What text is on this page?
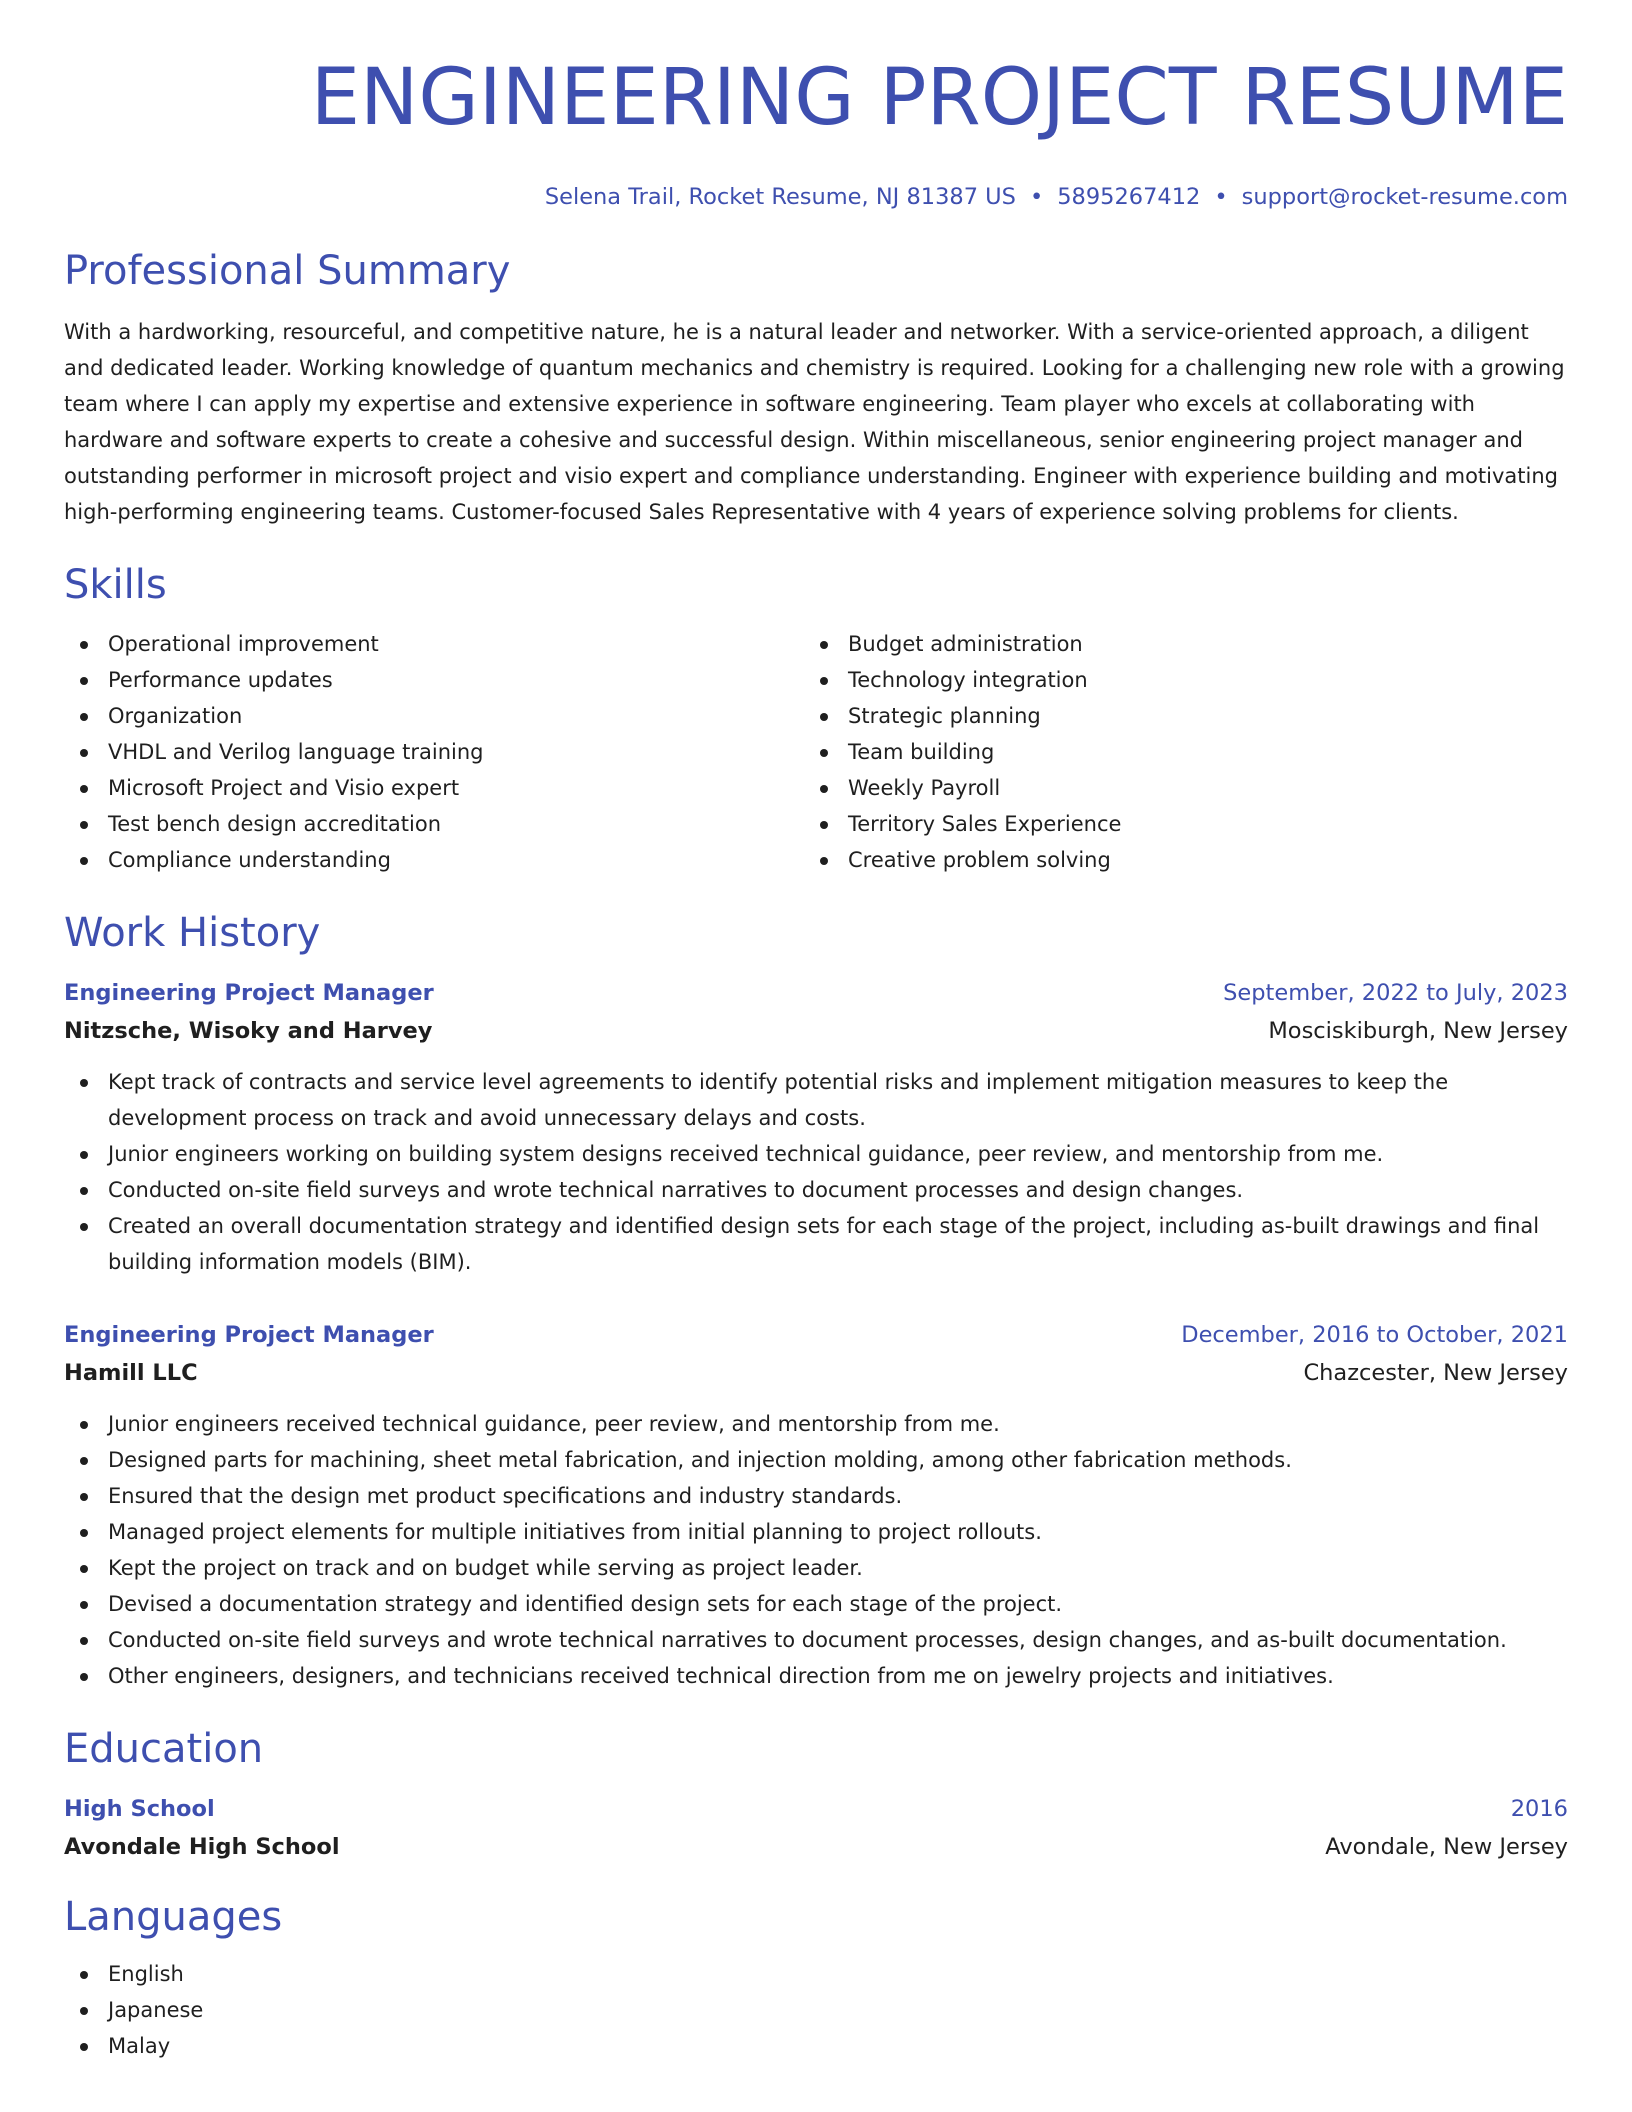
ENGINEERING PROJECT RESUME
Selena Trail, Rocket Resume, NJ 81387 US • 5895267412 • support@rocket-resume.com
Professional Summary

With a hardworking, resourceful, and competitive nature, he is a natural leader and networker. With a service-oriented approach, a diligent and dedicated leader. Working knowledge of quantum mechanics and chemistry is required. Looking for a challenging new role with a growing team where I can apply my expertise and extensive experience in software engineering. Team player who excels at collaborating with hardware and software experts to create a cohesive and successful design. Within miscellaneous, senior engineering project manager and outstanding performer in microsoft project and visio expert and compliance understanding. Engineer with experience building and motivating high-performing engineering teams. Customer-focused Sales Representative with 4 years of experience solving problems for clients.

Skills
Operational improvement
Performance updates
Organization
VHDL and Verilog language training
Microsoft Project and Visio expert
Test bench design accreditation
Compliance understanding
Budget administration
Technology integration
Strategic planning
Team building
Weekly Payroll
Territory Sales Experience
Creative problem solving
Work History
Engineering Project Manager	September, 2022 to July, 2023
Nitzsche, Wisoky and Harvey	Mosciskiburgh, New Jersey
Kept track of contracts and service level agreements to identify potential risks and implement mitigation measures to keep the development process on track and avoid unnecessary delays and costs.
Junior engineers working on building system designs received technical guidance, peer review, and mentorship from me.
Conducted on-site field surveys and wrote technical narratives to document processes and design changes.
Created an overall documentation strategy and identified design sets for each stage of the project, including as-built drawings and final building information models (BIM).
Engineering Project Manager	December, 2016 to October, 2021
Hamill LLC	Chazcester, New Jersey
Junior engineers received technical guidance, peer review, and mentorship from me.
Designed parts for machining, sheet metal fabrication, and injection molding, among other fabrication methods.
Ensured that the design met product specifications and industry standards.
Managed project elements for multiple initiatives from initial planning to project rollouts.
Kept the project on track and on budget while serving as project leader.
Devised a documentation strategy and identified design sets for each stage of the project.
Conducted on-site field surveys and wrote technical narratives to document processes, design changes, and as-built documentation.
Other engineers, designers, and technicians received technical direction from me on jewelry projects and initiatives.
Education
High School	2016
Avondale High School	Avondale, New Jersey
Languages
English
Japanese
Malay
